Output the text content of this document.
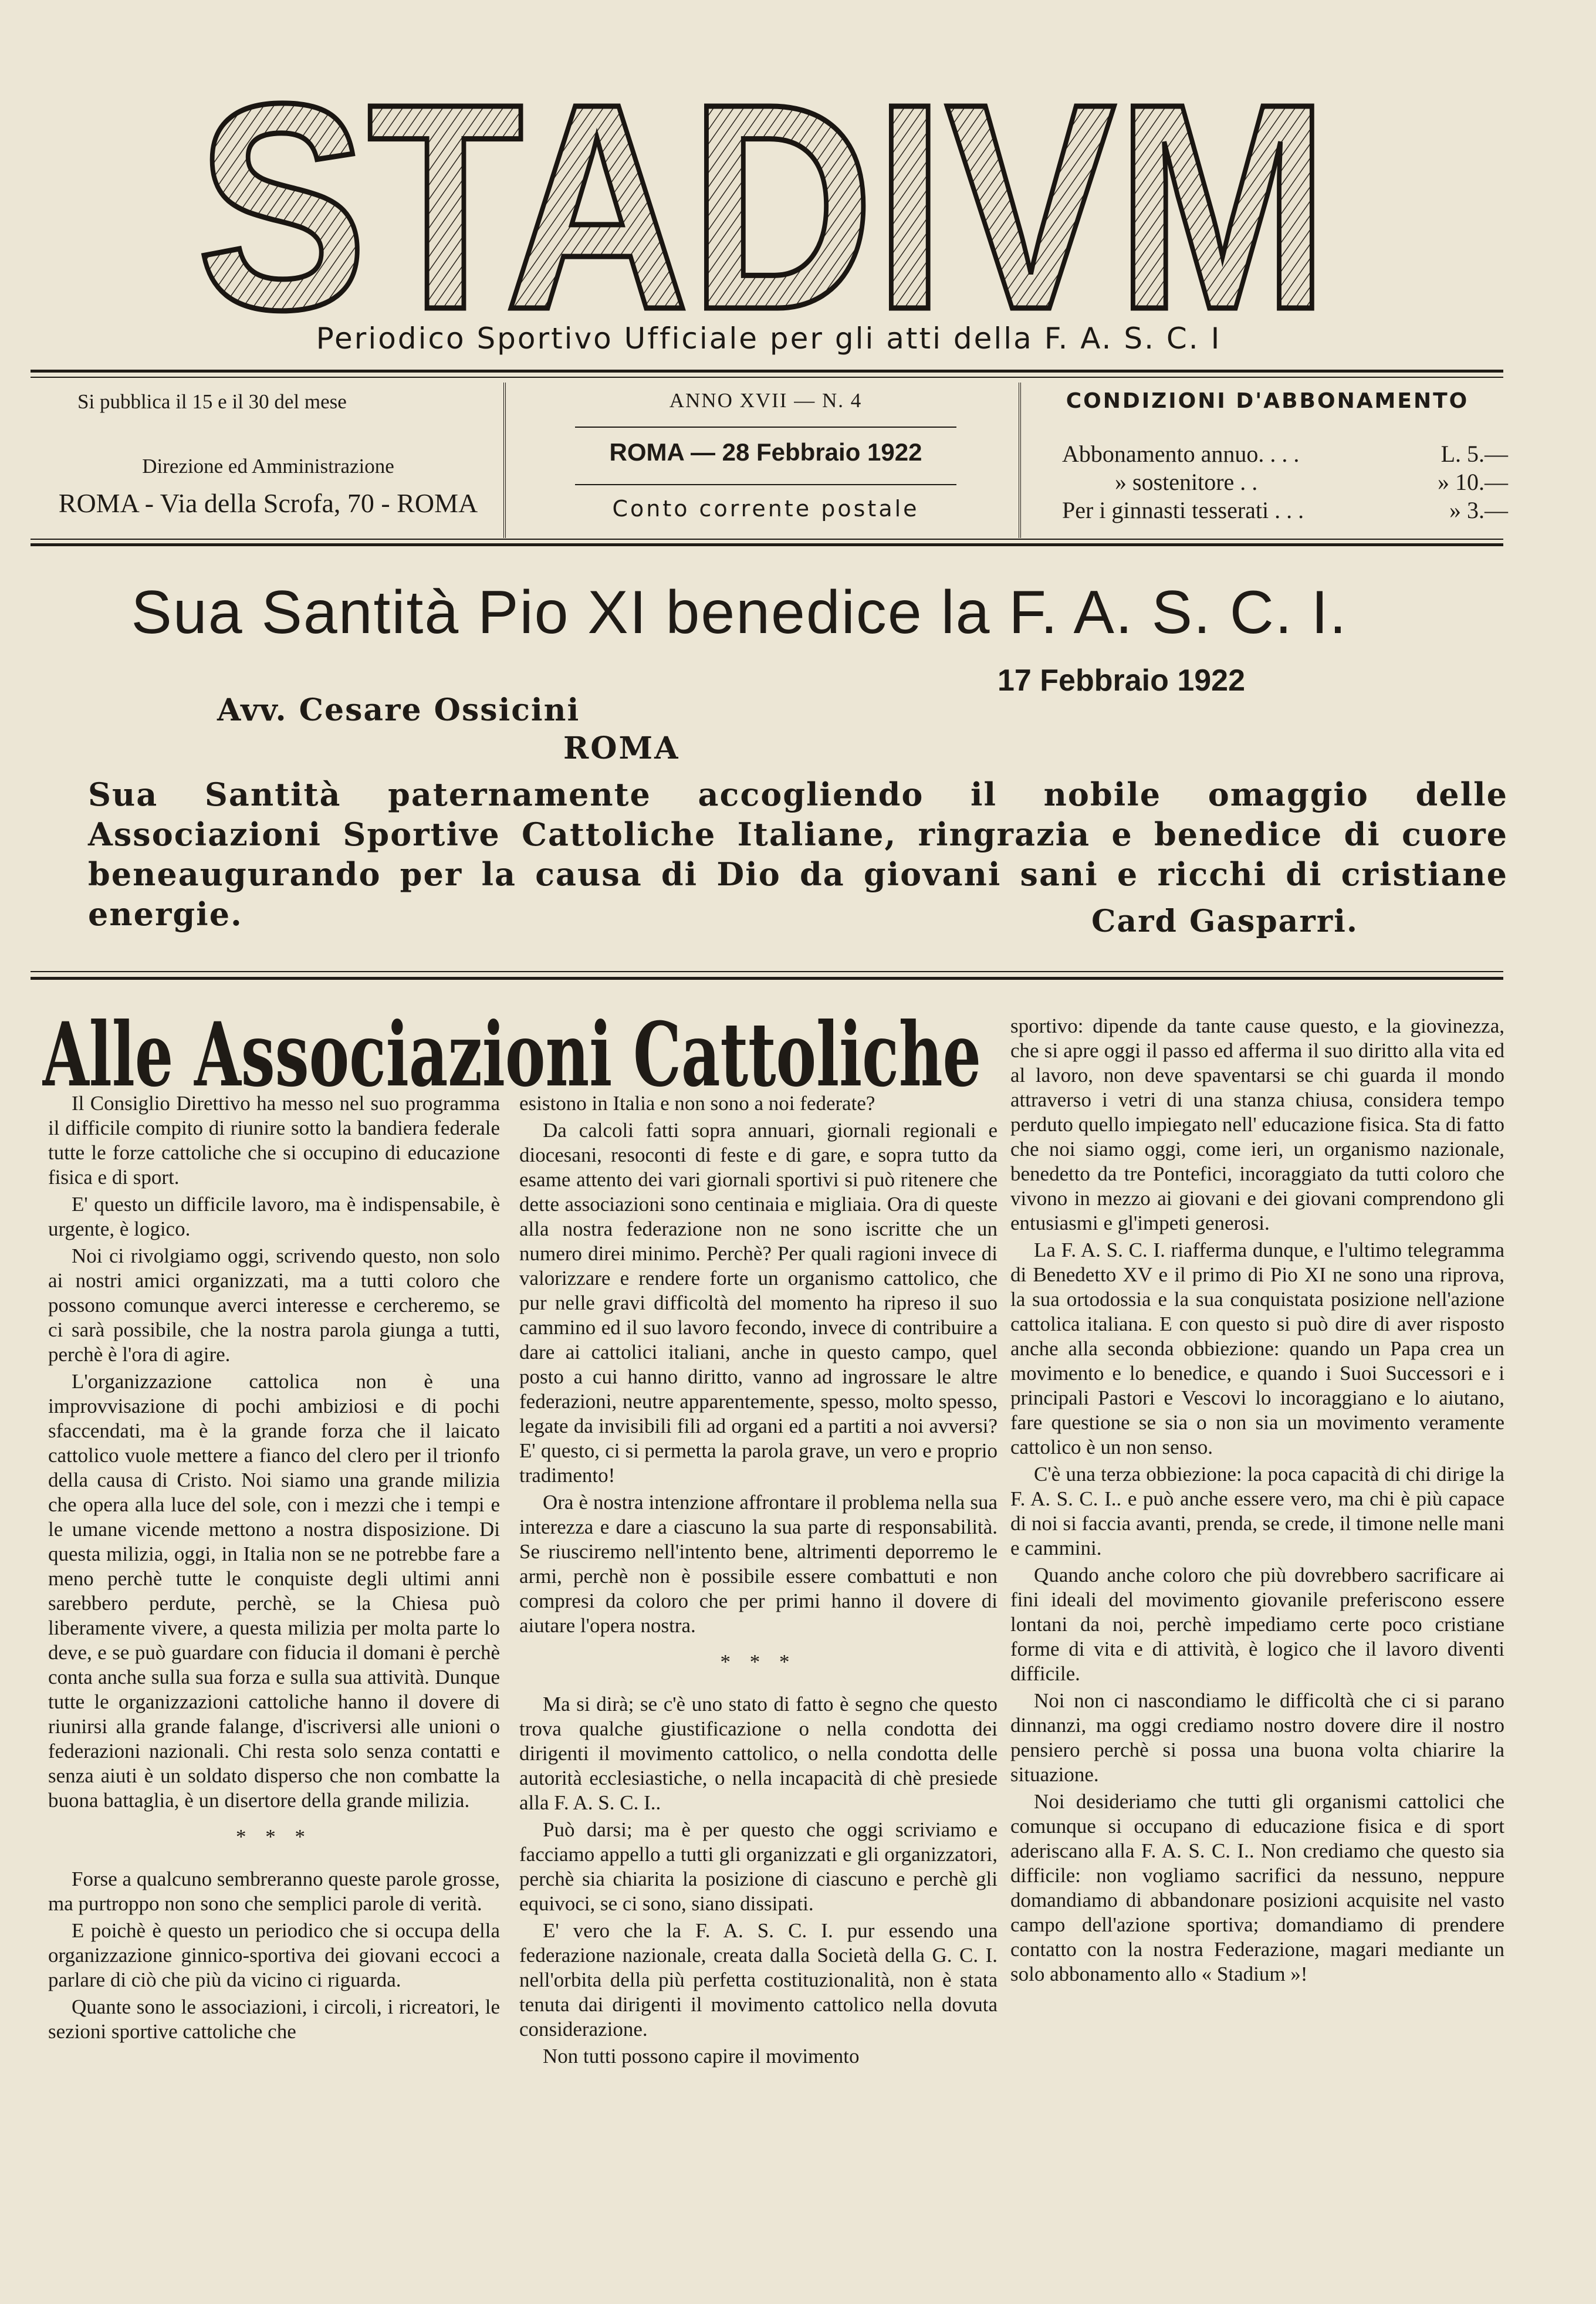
STADIVM
Periodico Sportivo Ufficiale per gli atti della F. A. S. C. I
Si pubblica il 15 e il 30 del mese
Direzione ed Amministrazione
ROMA - Via della Scrofa, 70 - ROMA
ANNO XVII — N. 4
ROMA — 28 Febbraio 1922
Conto corrente postale
CONDIZIONI D'ABBONAMENTO
Abbonamento annuo. . . .	L. 5.—
» sostenitore . .	» 10.—
Per i ginnasti tesserati . . .	» 3.—
Sua Santità Pio XI benedice la F. A. S. C. I.
17 Febbraio 1922
Avv. Cesare Ossicini
ROMA
Sua Santità paternamente accogliendo il nobile omaggio delle Associazioni Sportive Cattoliche Italiane, ringrazia e benedice di cuore beneaugurando per la causa di Dio da giovani sani e ricchi di cristiane energie.	Card Gasparri.
Alle Associazioni Cattoliche

Il Consiglio Direttivo ha messo nel suo programma il difficile compito di riunire sotto la bandiera federale tutte le forze cattoliche che si occupino di educazione fisica e di sport.

E' questo un difficile lavoro, ma è indispensabile, è urgente, è logico.

Noi ci rivolgiamo oggi, scrivendo questo, non solo ai nostri amici organizzati, ma a tutti coloro che possono comunque averci interesse e cercheremo, se ci sarà possibile, che la nostra parola giunga a tutti, perchè è l'ora di agire.

L'organizzazione cattolica non è una improvvisazione di pochi ambiziosi e di pochi sfaccendati, ma è la grande forza che il laicato cattolico vuole mettere a fianco del clero per il trionfo della causa di Cristo. Noi siamo una grande milizia che opera alla luce del sole, con i mezzi che i tempi e le umane vicende mettono a nostra disposizione. Di questa milizia, oggi, in Italia non se ne potrebbe fare a meno perchè tutte le conquiste degli ultimi anni sarebbero perdute, perchè, se la Chiesa può liberamente vivere, a questa milizia per molta parte lo deve, e se può guardare con fiducia il domani è perchè conta anche sulla sua forza e sulla sua attività. Dunque tutte le organizzazioni cattoliche hanno il dovere di riunirsi alla grande falange, d'iscriversi alle unioni o federazioni nazionali. Chi resta solo senza contatti e senza aiuti è un soldato disperso che non combatte la buona battaglia, è un disertore della grande milizia.

* * *

Forse a qualcuno sembreranno queste parole grosse, ma purtroppo non sono che semplici parole di verità.

E poichè è questo un periodico che si occupa della organizzazione ginnico-sportiva dei giovani eccoci a parlare di ciò che più da vicino ci riguarda.

Quante sono le associazioni, i circoli, i ricreatori, le sezioni sportive cattoliche che

esistono in Italia e non sono a noi federate?

Da calcoli fatti sopra annuari, giornali regionali e diocesani, resoconti di feste e di gare, e sopra tutto da esame attento dei vari giornali sportivi si può ritenere che dette associazioni sono centinaia e migliaia. Ora di queste alla nostra federazione non ne sono iscritte che un numero direi minimo. Perchè? Per quali ragioni invece di valorizzare e rendere forte un organismo cattolico, che pur nelle gravi difficoltà del momento ha ripreso il suo cammino ed il suo lavoro fecondo, invece di contribuire a dare ai cattolici italiani, anche in questo campo, quel posto a cui hanno diritto, vanno ad ingrossare le altre federazioni, neutre apparentemente, spesso, molto spesso, legate da invisibili fili ad organi ed a partiti a noi avversi? E' questo, ci si permetta la parola grave, un vero e proprio tradimento!

Ora è nostra intenzione affrontare il problema nella sua interezza e dare a ciascuno la sua parte di responsabilità. Se riusciremo nell'intento bene, altrimenti deporremo le armi, perchè non è possibile essere combattuti e non compresi da coloro che per primi hanno il dovere di aiutare l'opera nostra.

* * *

Ma si dirà; se c'è uno stato di fatto è segno che questo trova qualche giustificazione o nella condotta dei dirigenti il movimento cattolico, o nella condotta delle autorità ecclesiastiche, o nella incapacità di chè presiede alla F. A. S. C. I..

Può darsi; ma è per questo che oggi scriviamo e facciamo appello a tutti gli organizzati e gli organizzatori, perchè sia chiarita la posizione di ciascuno e perchè gli equivoci, se ci sono, siano dissipati.

E' vero che la F. A. S. C. I. pur essendo una federazione nazionale, creata dalla Società della G. C. I. nell'orbita della più perfetta costituzionalità, non è stata tenuta dai dirigenti il movimento cattolico nella dovuta considerazione.

Non tutti possono capire il movimento

sportivo: dipende da tante cause questo, e la giovinezza, che si apre oggi il passo ed afferma il suo diritto alla vita ed al lavoro, non deve spaventarsi se chi guarda il mondo attraverso i vetri di una stanza chiusa, considera tempo perduto quello impiegato nell' educazione fisica. Sta di fatto che noi siamo oggi, come ieri, un organismo nazionale, benedetto da tre Pontefici, incoraggiato da tutti coloro che vivono in mezzo ai giovani e dei giovani comprendono gli entusiasmi e gl'impeti generosi.

La F. A. S. C. I. riafferma dunque, e l'ultimo telegramma di Benedetto XV e il primo di Pio XI ne sono una riprova, la sua ortodossia e la sua conquistata posizione nell'azione cattolica italiana. E con questo si può dire di aver risposto anche alla seconda obbiezione: quando un Papa crea un movimento e lo benedice, e quando i Suoi Successori e i principali Pastori e Vescovi lo incoraggiano e lo aiutano, fare questione se sia o non sia un movimento veramente cattolico è un non senso.

C'è una terza obbiezione: la poca capacità di chi dirige la F. A. S. C. I.. e può anche essere vero, ma chi è più capace di noi si faccia avanti, prenda, se crede, il timone nelle mani e cammini.

Quando anche coloro che più dovrebbero sacrificare ai fini ideali del movimento giovanile preferiscono essere lontani da noi, perchè impediamo certe poco cristiane forme di vita e di attività, è logico che il lavoro diventi difficile.

Noi non ci nascondiamo le difficoltà che ci si parano dinnanzi, ma oggi crediamo nostro dovere dire il nostro pensiero perchè si possa una buona volta chiarire la situazione.

Noi desideriamo che tutti gli organismi cattolici che comunque si occupano di educazione fisica e di sport aderiscano alla F. A. S. C. I.. Non crediamo che questo sia difficile: non vogliamo sacrifici da nessuno, neppure domandiamo di abbandonare posizioni acquisite nel vasto campo dell'azione sportiva; domandiamo di prendere contatto con la nostra Federazione, magari mediante un solo abbonamento allo « Stadium »!
